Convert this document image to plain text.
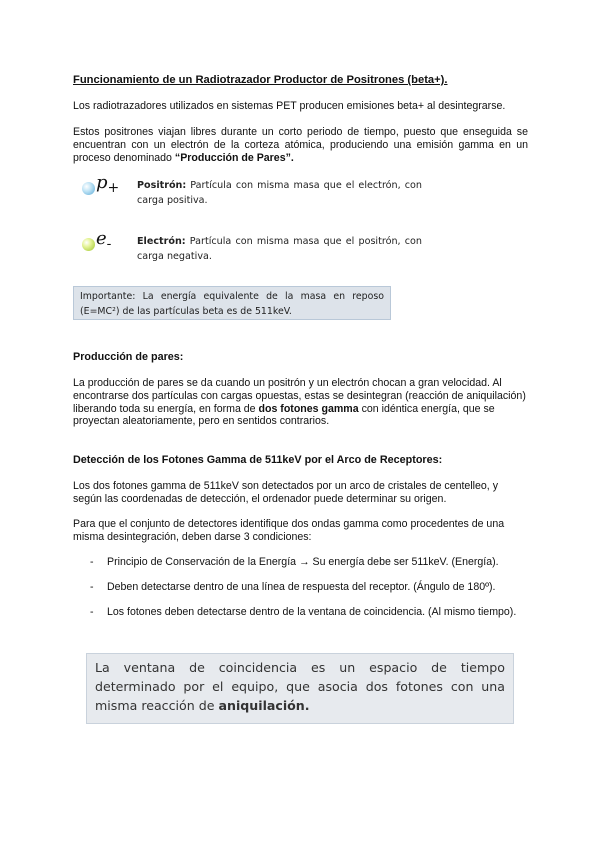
Funcionamiento de un Radiotrazador Productor de Positrones (beta+).
Los radiotrazadores utilizados en sistemas PET producen emisiones beta+ al desintegrarse.
Estos positrones viajan libres durante un corto periodo de tiempo, puesto que enseguida se encuentran con un electrón de la corteza atómica, produciendo una emisión gamma en un proceso denominado “Producción de Pares”.
$p_+$ Positrón: Partícula con misma masa que el electrón, con carga positiva.
$e_-$	Electrón: Partícula con misma masa que el positrón, con carga negativa.
Importante: La energía equivalente de la masa en reposo (E=MC²) de las partículas beta es de 511keV.
Producción de pares:
La producción de pares se da cuando un positrón y un electrón chocan a gran velocidad. Al encontrarse dos partículas con cargas opuestas, estas se desintegran (reacción de aniquilación) liberando toda su energía, en forma de dos fotones gamma con idéntica energía, que se proyectan aleatoriamente, pero en sentidos contrarios.
Detección de los Fotones Gamma de 511keV por el Arco de Receptores:
Los dos fotones gamma de 511keV son detectados por un arco de cristales de centelleo, y según las coordenadas de detección, el ordenador puede determinar su origen.
Para que el conjunto de detectores identifique dos ondas gamma como procedentes de una misma desintegración, deben darse 3 condiciones:
- Principio de Conservación de la Energía → Su energía debe ser 511keV. (Energía).
- Deben detectarse dentro de una línea de respuesta del receptor. (Ángulo de 180º).
- Los fotones deben detectarse dentro de la ventana de coincidencia. (Al mismo tiempo).
La ventana de coincidencia es un espacio de tiempo determinado por el equipo, que asocia dos fotones con una misma reacción de aniquilación.
